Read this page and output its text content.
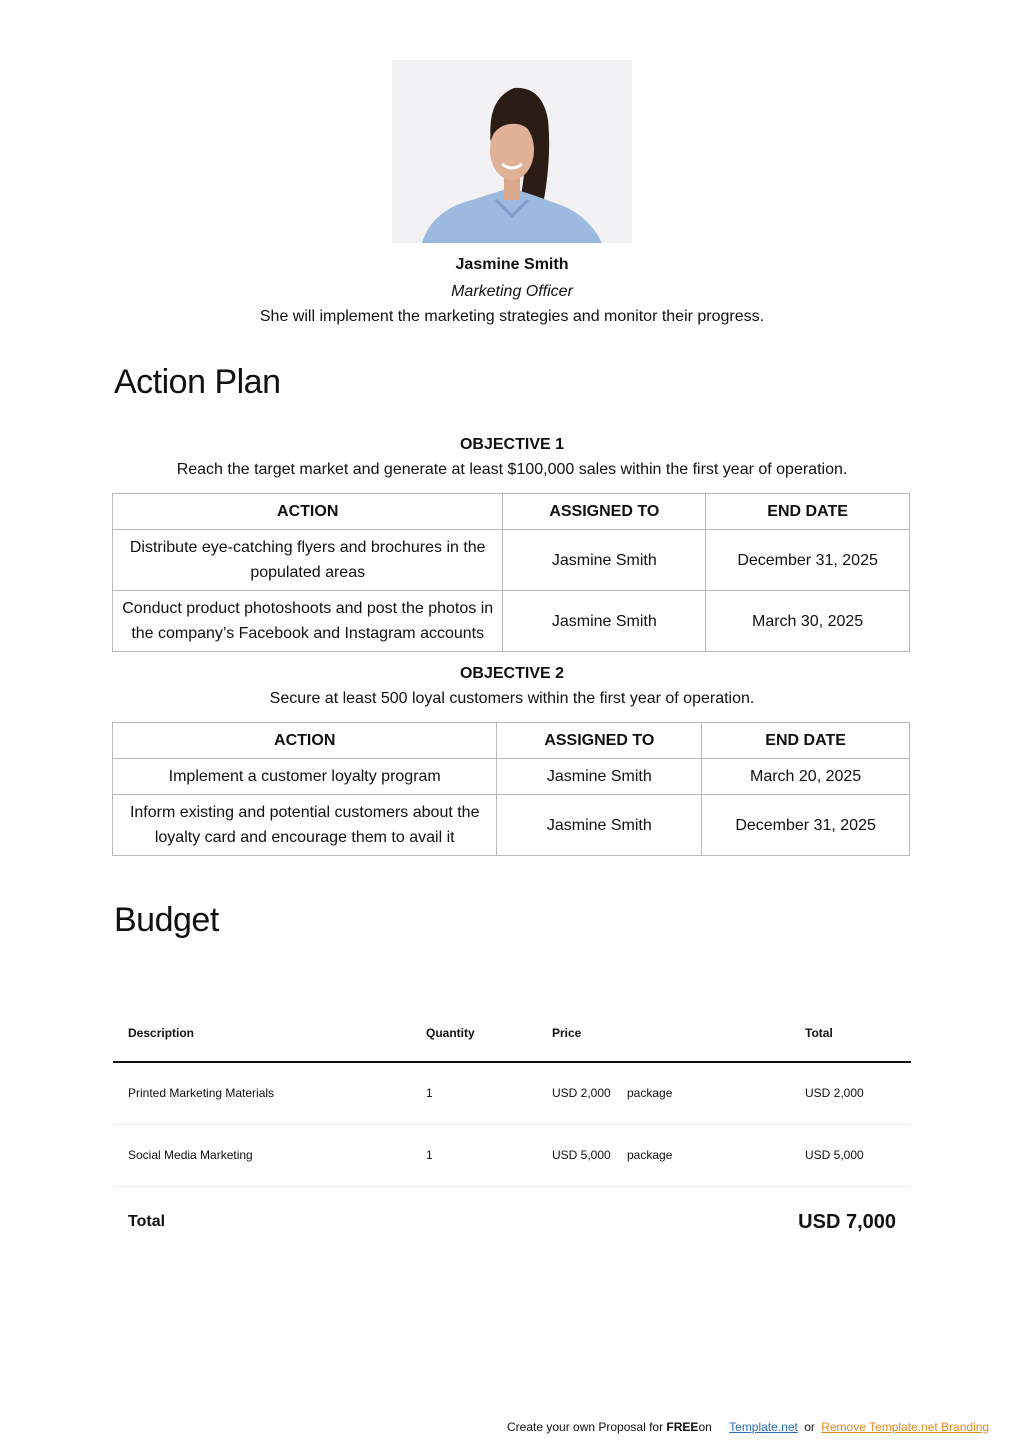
Jasmine Smith
Marketing Officer
She will implement the marketing strategies and monitor their progress.
Action Plan
OBJECTIVE 1
Reach the target market and generate at least $100,000 sales within the first year of operation.
ACTION	ASSIGNED TO	END DATE
Distribute eye-catching flyers and brochures in the populated areas	Jasmine Smith	December 31, 2025
Conduct product photoshoots and post the photos in the company’s Facebook and Instagram accounts	Jasmine Smith	March 30, 2025
OBJECTIVE 2
Secure at least 500 loyal customers within the first year of operation.
ACTION	ASSIGNED TO	END DATE
Implement a customer loyalty program	Jasmine Smith	March 20, 2025
Inform existing and potential customers about the loyalty card and encourage them to avail it	Jasmine Smith	December 31, 2025
Budget
Description	Quantity	Price	Total
Printed Marketing Materials	1	USD 2,000 package	USD 2,000
Social Media Marketing	1	USD 5,000 package	USD 5,000
Total	USD 7,000
Create your own Proposal for FREEon Template.net or Remove Template.net Branding
